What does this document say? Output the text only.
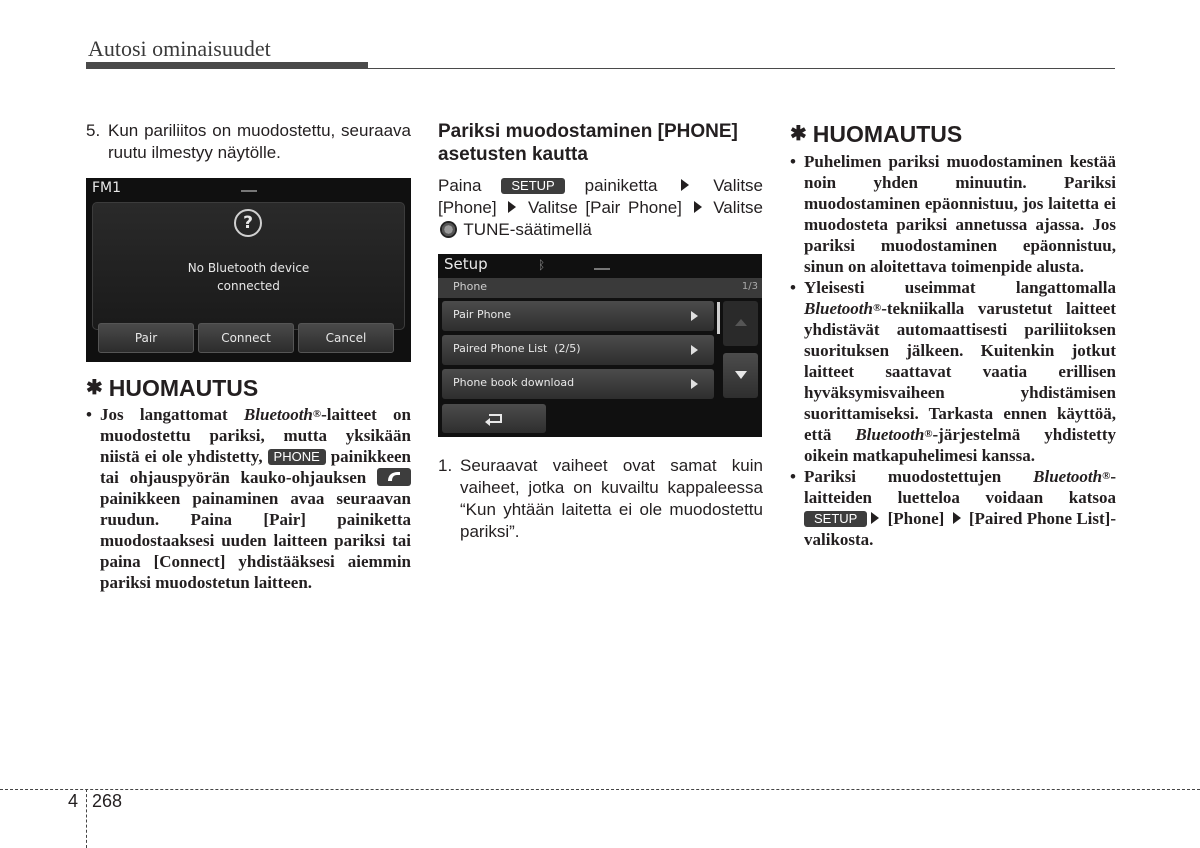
Autosi ominaisuudet
5. Kun pariliitos on muodostettu, seuraava ruutu ilmestyy näytölle.
FM1
?
No Bluetooth device
connected
Pair	Connect	Cancel
✱ HUOMAUTUS
• Jos langattomat Bluetooth®-laitteet on muodostettu pariksi, mutta yksikään niistä ei ole yhdistetty, PHONE painikkeen tai ohjauspyörän kauko-ohjauksen
painikkeen painaminen avaa seuraavan ruudun. Paina [Pair] painiketta muodostaaksesi uuden laitteen pariksi tai paina [Connect] yhdistääksesi aiemmin pariksi muodostetun laitteen.
Pariksi muodostaminen [PHONE] asetusten kautta
Paina SETUP painiketta  Valitse [Phone]  Valitse [Pair Phone]  Valitse  TUNE-säätimellä
Setup	ᛒ
Phone	1/3
Pair Phone
Paired Phone List  (2/5)
Phone book download
1. Seuraavat vaiheet ovat samat kuin vaiheet, jotka on kuvailtu kappaleessa “Kun yhtään laitetta ei ole muodostettu pariksi”.
✱ HUOMAUTUS
• Puhelimen pariksi muodostaminen kestää noin yhden minuutin. Pariksi muodostaminen epäonnistuu, jos laitetta ei muodosteta pariksi annetussa ajassa. Jos pariksi muodostaminen epäonnistuu, sinun on aloitettava toimenpide alusta.
• Yleisesti useimmat langattomalla Bluetooth®-tekniikalla varustetut laitteet yhdistävät automaattisesti pariliitoksen suorituksen jälkeen. Kuitenkin jotkut laitteet saattavat vaatia erillisen hyväksymisvaiheen yhdistämisen suorittamiseksi. Tarkasta ennen käyttöä, että Bluetooth®-järjestelmä yhdistetty oikein matkapuhelimesi kanssa.
• Pariksi muodostettujen Bluetooth®-laitteiden luetteloa voidaan katsoa SETUP [Phone]  [Paired Phone List]-valikosta.
4 268
